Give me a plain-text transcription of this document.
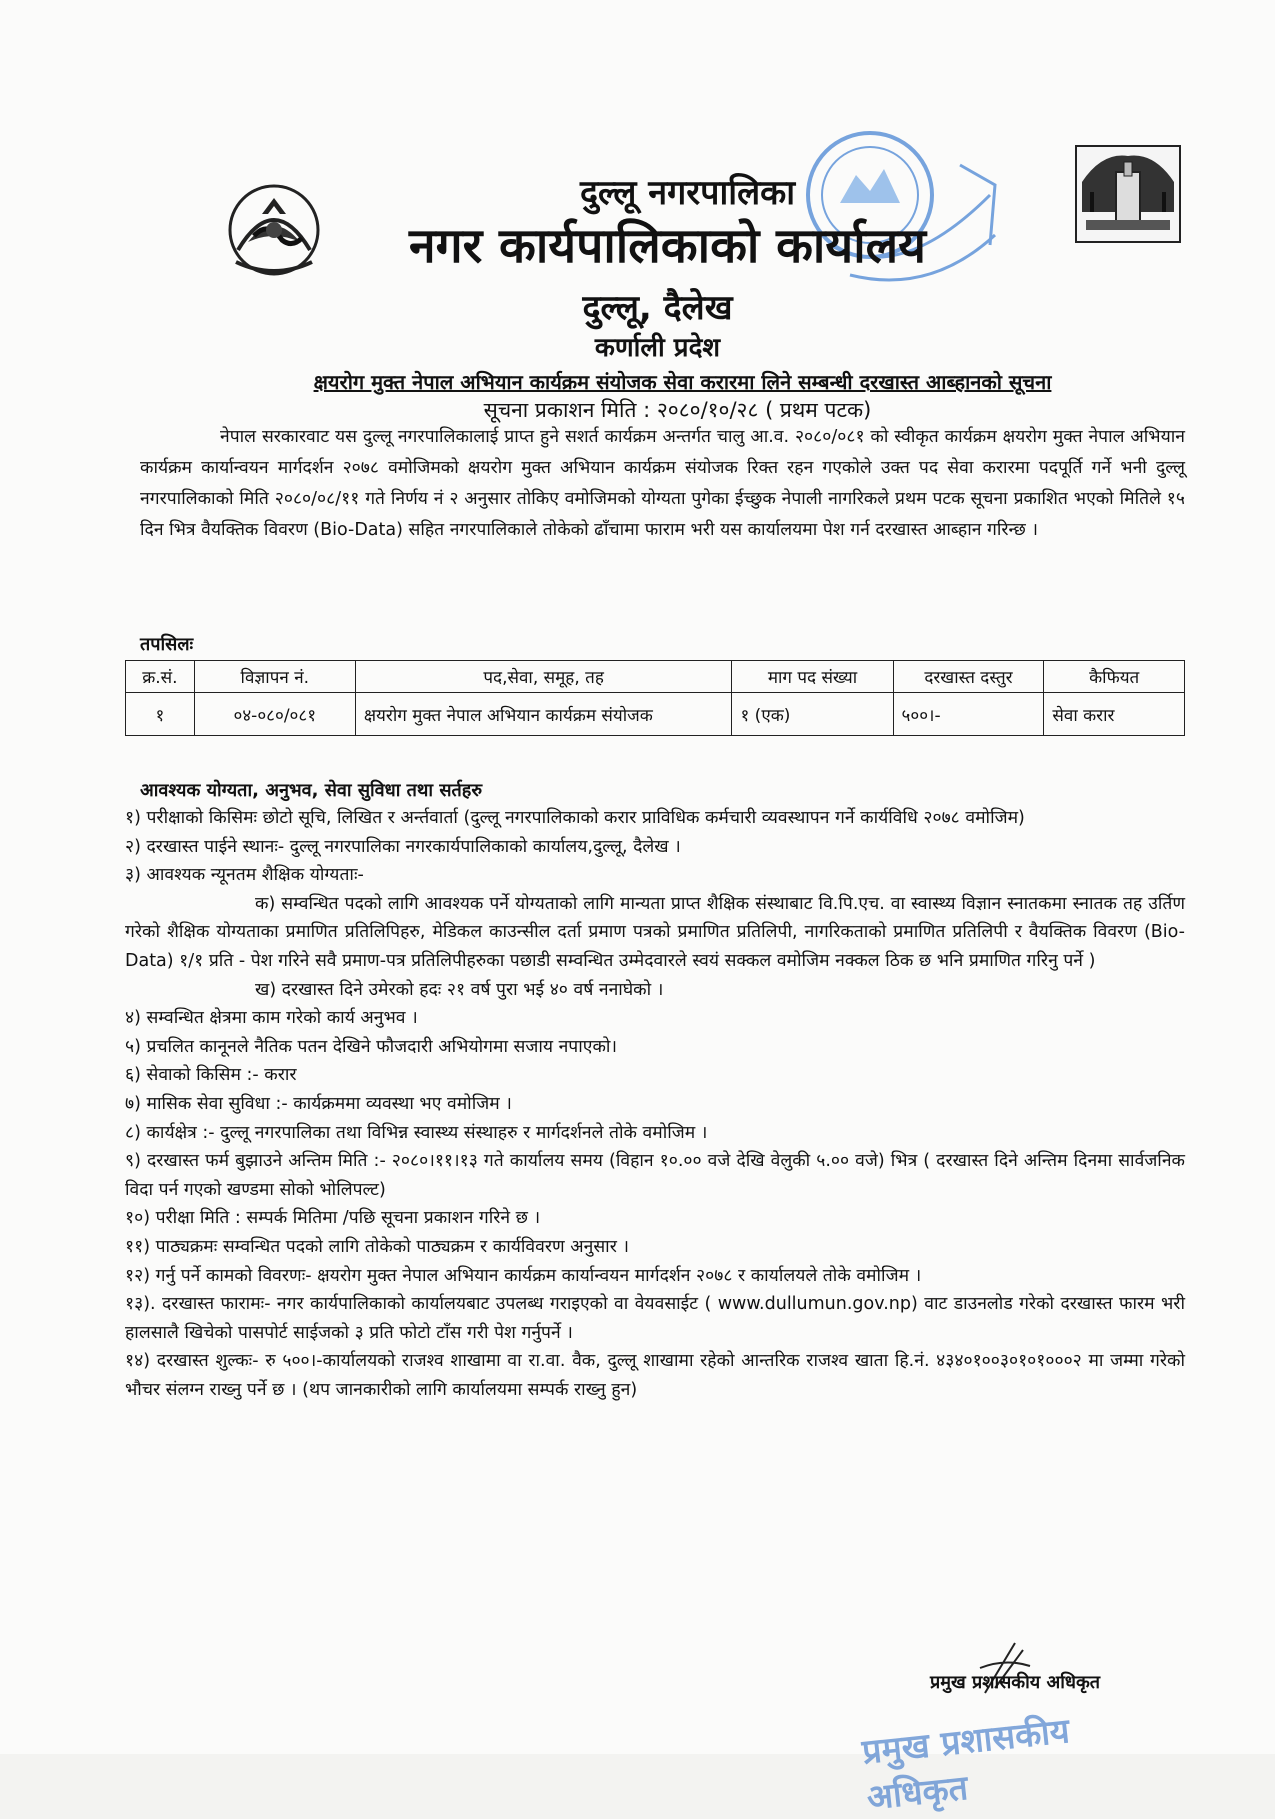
दुल्लू नगरपालिका
नगर कार्यपालिकाको कार्यालय
दुल्लू, दैलेख
कर्णाली प्रदेश
क्षयरोग मुक्त नेपाल अभियान कार्यक्रम संयोजक सेवा करारमा लिने सम्बन्धी दरखास्त आब्हानको सूचना
सूचना प्रकाशन मिति : २०८०/१०/२८ ( प्रथम पटक)
नेपाल सरकारवाट यस दुल्लू नगरपालिकालाई प्राप्त हुने सशर्त कार्यक्रम अन्तर्गत चालु आ.व. २०८०/०८१ को स्वीकृत कार्यक्रम क्षयरोग मुक्त नेपाल अभियान कार्यक्रम कार्यान्वयन मार्गदर्शन २०७८ वमोजिमको क्षयरोग मुक्त अभियान कार्यक्रम संयोजक रिक्त रहन गएकोले उक्त पद सेवा करारमा पदपूर्ति गर्ने भनी दुल्लू नगरपालिकाको मिति २०८०/०८/११ गते निर्णय नं २ अनुसार तोकिए वमोजिमको योग्यता पुगेका ईच्छुक नेपाली नागरिकले प्रथम पटक सूचना प्रकाशित भएको मितिले १५ दिन भित्र वैयक्तिक विवरण (Bio-Data) सहित नगरपालिकाले तोकेको ढाँचामा फाराम भरी यस कार्यालयमा पेश गर्न दरखास्त आब्हान गरिन्छ ।
तपसिलः
क्र.सं.	विज्ञापन नं.	पद,सेवा, समूह, तह	माग पद संख्या	दरखास्त दस्तुर	कैफियत
१	०४-०८०/०८१	क्षयरोग मुक्त नेपाल अभियान कार्यक्रम संयोजक	१ (एक)	५००।-	सेवा करार
आवश्यक योग्यता, अनुभव, सेवा सुविधा तथा सर्तहरु
१) परीक्षाको किसिमः छोटो सूचि, लिखित र अर्न्तवार्ता (दुल्लू नगरपालिकाको करार प्राविधिक कर्मचारी व्यवस्थापन गर्ने कार्यविधि २०७८ वमोजिम)
२) दरखास्त पाईने स्थानः- दुल्लू नगरपालिका नगरकार्यपालिकाको कार्यालय,दुल्लू, दैलेख ।
३) आवश्यक न्यूनतम शैक्षिक योग्यताः-
क) सम्वन्धित पदको लागि आवश्यक पर्ने योग्यताको लागि मान्यता प्राप्त शैक्षिक संस्थाबाट वि.पि.एच. वा स्वास्थ्य विज्ञान स्नातकमा स्नातक तह उर्तिण गरेको शैक्षिक योग्यताका प्रमाणित प्रतिलिपिहरु, मेडिकल काउन्सील दर्ता प्रमाण पत्रको प्रमाणित प्रतिलिपी, नागरिकताको प्रमाणित प्रतिलिपी र वैयक्तिक विवरण (Bio-Data) १/१ प्रति - पेश गरिने सवै प्रमाण-पत्र प्रतिलिपीहरुका पछाडी सम्वन्धित उम्मेदवारले स्वयं सक्कल वमोजिम नक्कल ठिक छ भनि प्रमाणित गरिनु पर्ने )
ख) दरखास्त दिने उमेरको हदः २१ वर्ष पुरा भई ४० वर्ष ननाघेको ।
४) सम्वन्धित क्षेत्रमा काम गरेको कार्य अनुभव ।
५) प्रचलित कानूनले नैतिक पतन देखिने फौजदारी अभियोगमा सजाय नपाएको।
६) सेवाको किसिम :- करार
७) मासिक सेवा सुविधा :- कार्यक्रममा व्यवस्था भए वमोजिम ।
८) कार्यक्षेत्र :- दुल्लू नगरपालिका तथा विभिन्न स्वास्थ्य संस्थाहरु र मार्गदर्शनले तोके वमोजिम ।
९) दरखास्त फर्म बुझाउने अन्तिम मिति :- २०८०।११।१३ गते कार्यालय समय (विहान १०.०० वजे देखि वेलुकी ५.०० वजे) भित्र ( दरखास्त दिने अन्तिम दिनमा सार्वजनिक विदा पर्न गएको खण्डमा सोको भोलिपल्ट)
१०) परीक्षा मिति : सम्पर्क मितिमा /पछि सूचना प्रकाशन गरिने छ ।
११) पाठ्यक्रमः सम्वन्धित पदको लागि तोकेको पाठ्यक्रम र कार्यविवरण अनुसार ।
१२) गर्नु पर्ने कामको विवरणः- क्षयरोग मुक्त नेपाल अभियान कार्यक्रम कार्यान्वयन मार्गदर्शन २०७८ र कार्यालयले तोके वमोजिम ।
१३). दरखास्त फारामः- नगर कार्यपालिकाको कार्यालयबाट उपलब्ध गराइएको वा वेयवसाईट ( www.dullumun.gov.np) वाट डाउनलोड गरेको दरखास्त फारम भरी हालसालै खिचेको पासपोर्ट साईजको ३ प्रति फोटो टाँस गरी पेश गर्नुपर्ने ।
१४) दरखास्त शुल्कः- रु ५००।-कार्यालयको राजश्व शाखामा वा रा.वा. वैक, दुल्लू शाखामा रहेको आन्तरिक राजश्व खाता हि.नं. ४३४०१००३०१०१०००२ मा जम्मा गरेको भौचर संलग्न राख्नु पर्ने छ । (थप जानकारीको लागि कार्यालयमा सम्पर्क राख्नु हुन)
प्रमुख प्रशासकीय अधिकृत
प्रमुख प्रशासकीय अधिकृत
